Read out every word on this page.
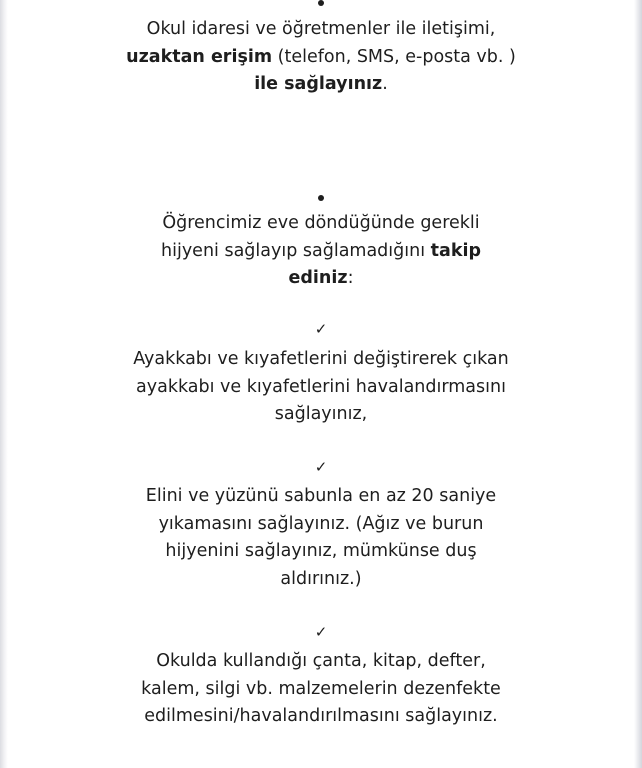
Okul idaresi ve öğretmenler ile iletişimi,
uzaktan erişim (telefon, SMS, e-posta vb. )
ile sağlayınız.
Öğrencimiz eve döndüğünde gerekli
hijyeni sağlayıp sağlamadığını takip
ediniz:
✓
Ayakkabı ve kıyafetlerini değiştirerek çıkan
ayakkabı ve kıyafetlerini havalandırmasını
sağlayınız,
✓
Elini ve yüzünü sabunla en az 20 saniye
yıkamasını sağlayınız. (Ağız ve burun
hijyenini sağlayınız, mümkünse duş
aldırınız.)
✓
Okulda kullandığı çanta, kitap, defter,
kalem, silgi vb. malzemelerin dezenfekte
edilmesini/havalandırılmasını sağlayınız.
